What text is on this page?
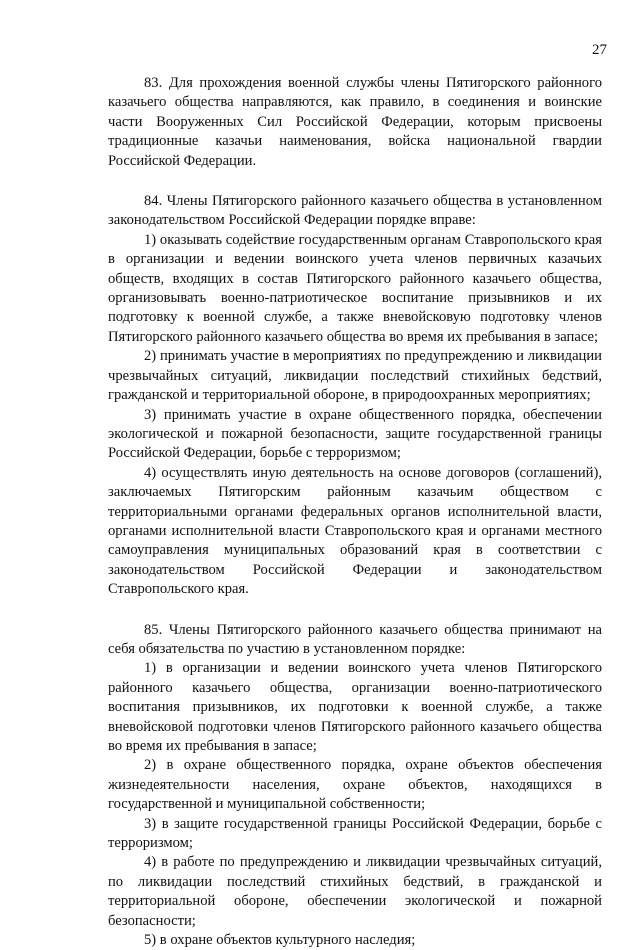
27

83. Для прохождения военной службы члены Пятигорского районного казачьего общества направляются, как правило, в соединения и воинские части Вооруженных Сил Российской Федерации, которым присвоены традиционные казачьи наименования, войска национальной гвардии Российской Федерации.

84. Члены Пятигорского районного казачьего общества в установленном законодательством Российской Федерации порядке вправе:

1) оказывать содействие государственным органам Ставропольского края в организации и ведении воинского учета членов первичных казачьих обществ, входящих в состав Пятигорского районного казачьего общества, организовывать военно-патриотическое воспитание призывников и их подготовку к военной службе, а также вневойсковую подготовку членов Пятигорского районного казачьего общества во время их пребывания в запасе;

2) принимать участие в мероприятиях по предупреждению и ликвидации чрезвычайных ситуаций, ликвидации последствий стихийных бедствий, гражданской и территориальной обороне, в природоохранных мероприятиях;

3) принимать участие в охране общественного порядка, обеспечении экологической и пожарной безопасности, защите государственной границы Российской Федерации, борьбе с терроризмом;

4) осуществлять иную деятельность на основе договоров (соглашений), заключаемых Пятигорским районным казачьим обществом с территориальными органами федеральных органов исполнительной власти, органами исполнительной власти Ставропольского края и органами местного самоуправления муниципальных образований края в соответствии с законодательством Российской Федерации и законодательством Ставропольского края.

85. Члены Пятигорского районного казачьего общества принимают на себя обязательства по участию в установленном порядке:

1) в организации и ведении воинского учета членов Пятигорского районного казачьего общества, организации военно-патриотического воспитания призывников, их подготовки к военной службе, а также вневойсковой подготовки членов Пятигорского районного казачьего общества во время их пребывания в запасе;

2) в охране общественного порядка, охране объектов обеспечения жизнедеятельности населения, охране объектов, находящихся в государственной и муниципальной собственности;

3) в защите государственной границы Российской Федерации, борьбе с терроризмом;

4) в работе по предупреждению и ликвидации чрезвычайных ситуаций, по ликвидации последствий стихийных бедствий, в гражданской и территориальной обороне, обеспечении экологической и пожарной безопасности;

5) в охране объектов культурного наследия;
